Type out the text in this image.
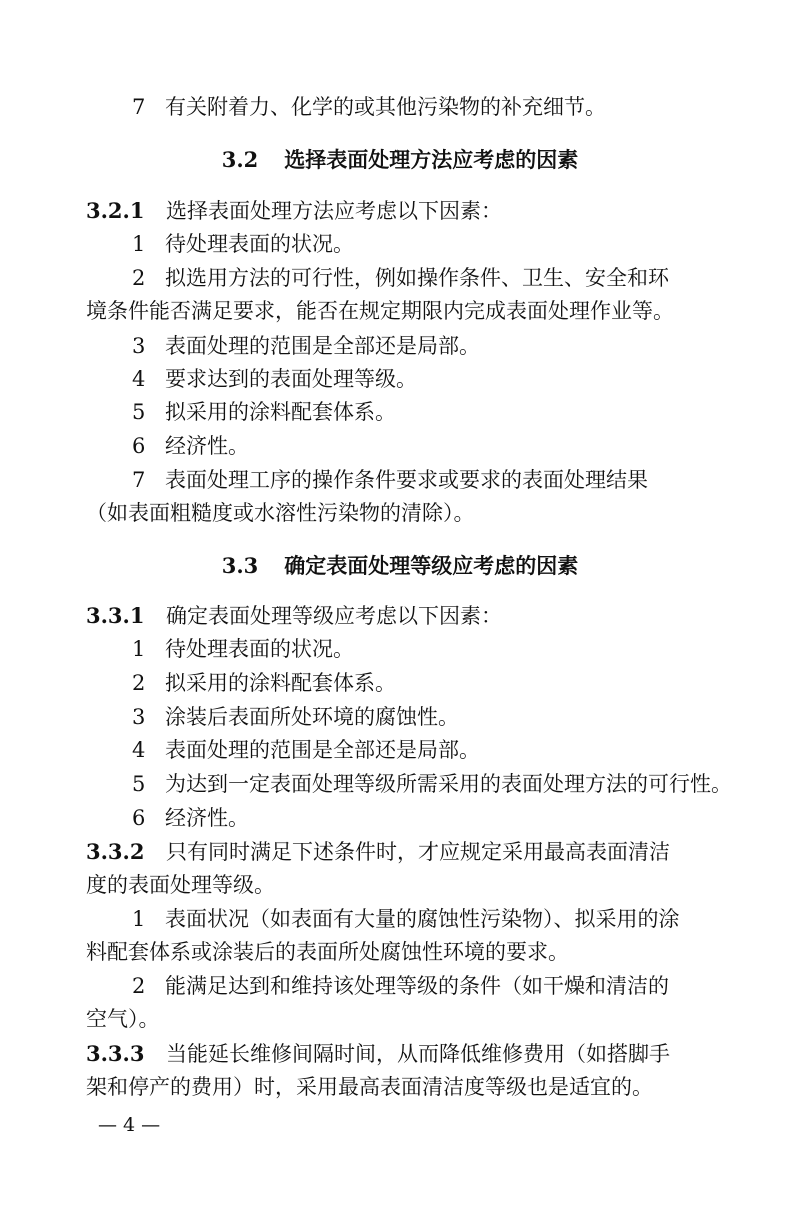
7 有关附着力、化学的或其他污染物的补充细节。
3.2 选择表面处理方法应考虑的因素
3.2.1 选择表面处理方法应考虑以下因素：
1 待处理表面的状况。
2 拟选用方法的可行性，例如操作条件、卫生、安全和环
境条件能否满足要求，能否在规定期限内完成表面处理作业等。
3 表面处理的范围是全部还是局部。
4 要求达到的表面处理等级。
5 拟采用的涂料配套体系。
6 经济性。
7 表面处理工序的操作条件要求或要求的表面处理结果
（如表面粗糙度或水溶性污染物的清除）。
3.3 确定表面处理等级应考虑的因素
3.3.1 确定表面处理等级应考虑以下因素：
1 待处理表面的状况。
2 拟采用的涂料配套体系。
3 涂装后表面所处环境的腐蚀性。
4 表面处理的范围是全部还是局部。
5 为达到一定表面处理等级所需采用的表面处理方法的可行性。
6 经济性。
3.3.2 只有同时满足下述条件时，才应规定采用最高表面清洁
度的表面处理等级。
1 表面状况（如表面有大量的腐蚀性污染物）、拟采用的涂
料配套体系或涂装后的表面所处腐蚀性环境的要求。
2 能满足达到和维持该处理等级的条件（如干燥和清洁的
空气）。
3.3.3 当能延长维修间隔时间，从而降低维修费用（如搭脚手
架和停产的费用）时，采用最高表面清洁度等级也是适宜的。
— 4 —
